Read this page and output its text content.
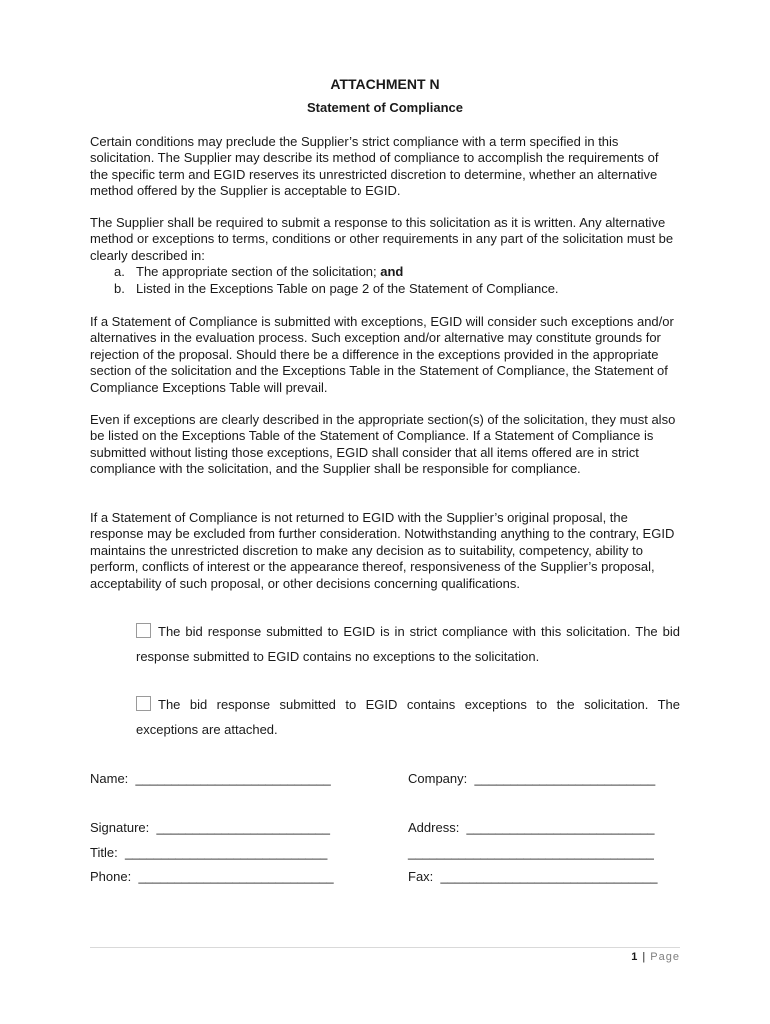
ATTACHMENT N
Statement of Compliance

Certain conditions may preclude the Supplier’s strict compliance with a term specified in this solicitation. The Supplier may describe its method of compliance to accomplish the requirements of the specific term and EGID reserves its unrestricted discretion to determine, whether an alternative method offered by the Supplier is acceptable to EGID.

The Supplier shall be required to submit a response to this solicitation as it is written. Any alternative method or exceptions to terms, conditions or other requirements in any part of the solicitation must be clearly described in:

a. The appropriate section of the solicitation; and
b. Listed in the Exceptions Table on page 2 of the Statement of Compliance.

If a Statement of Compliance is submitted with exceptions, EGID will consider such exceptions and/or alternatives in the evaluation process. Such exception and/or alternative may constitute grounds for rejection of the proposal. Should there be a difference in the exceptions provided in the appropriate section of the solicitation and the Exceptions Table in the Statement of Compliance, the Statement of Compliance Exceptions Table will prevail.

Even if exceptions are clearly described in the appropriate section(s) of the solicitation, they must also be listed on the Exceptions Table of the Statement of Compliance. If a Statement of Compliance is submitted without listing those exceptions, EGID shall consider that all items offered are in strict compliance with the solicitation, and the Supplier shall be responsible for compliance.

If a Statement of Compliance is not returned to EGID with the Supplier’s original proposal, the response may be excluded from further consideration. Notwithstanding anything to the contrary, EGID maintains the unrestricted discretion to make any decision as to suitability, competency, ability to perform, conflicts of interest or the appearance thereof, responsiveness of the Supplier’s proposal, acceptability of such proposal, or other decisions concerning qualifications.

The bid response submitted to EGID is in strict compliance with this solicitation. The bid response submitted to EGID contains no exceptions to the solicitation.
The bid response submitted to EGID contains exceptions to the solicitation. The exceptions are attached.
Name: ___________________________	Company: _________________________
Signature: ________________________	Address: __________________________
Title: ____________________________	__________________________________
Phone: ___________________________	Fax: ______________________________
1 | Page
